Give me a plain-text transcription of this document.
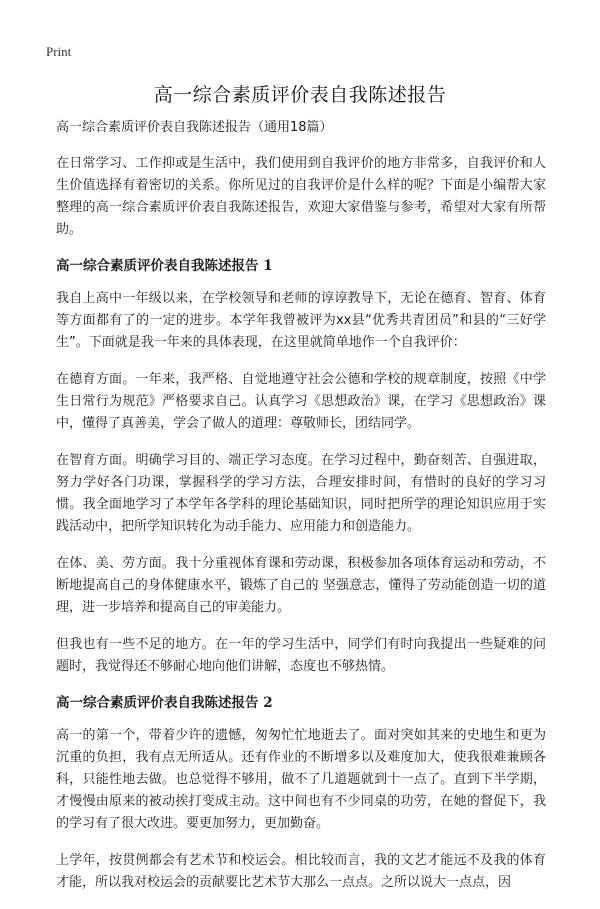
Print
高一综合素质评价表自我陈述报告

高一综合素质评价表自我陈述报告（通用18篇）

在日常学习、工作抑或是生活中，我们使用到自我评价的地方非常多，自我评价和人生价值选择有着密切的关系。你所见过的自我评价是什么样的呢？下面是小编帮大家整理的高一综合素质评价表自我陈述报告，欢迎大家借鉴与参考，希望对大家有所帮助。

高一综合素质评价表自我陈述报告 1

我自上高中一年级以来，在学校领导和老师的谆谆教导下，无论在德育、智育、体育等方面都有了的一定的进步。本学年我曾被评为xx县“优秀共青团员”和县的“三好学生”。下面就是我一年来的具体表现，在这里就简单地作一个自我评价：

在德育方面。一年来，我严格、自觉地遵守社会公德和学校的规章制度，按照《中学生日常行为规范》严格要求自己。认真学习《思想政治》课，在学习《思想政治》课中，懂得了真善美，学会了做人的道理：尊敬师长，团结同学。

在智育方面。明确学习目的、端正学习态度。在学习过程中，勤奋刻苦、自强进取，努力学好各门功课，掌握科学的学习方法，合理安排时间，有惜时的良好的学习习惯。我全面地学习了本学年各学科的理论基础知识，同时把所学的理论知识应用于实践活动中，把所学知识转化为动手能力、应用能力和创造能力。

在体、美、劳方面。我十分重视体育课和劳动课，积极参加各项体育运动和劳动，不断地提高自己的身体健康水平，锻炼了自己的 坚强意志，懂得了劳动能创造一切的道理，进一步培养和提高自己的审美能力。

但我也有一些不足的地方。在一年的学习生活中，同学们有时向我提出一些疑难的问题时，我觉得还不够耐心地向他们讲解，态度也不够热情。

高一综合素质评价表自我陈述报告 2

高一的第一个，带着少许的遗憾，匆匆忙忙地逝去了。面对突如其来的史地生和更为沉重的负担，我有点无所适从。还有作业的不断增多以及难度加大，使我很难兼顾各科，只能性地去做。也总觉得不够用，做不了几道题就到十一点了。直到下半学期，才慢慢由原来的被动挨打变成主动。这中间也有不少同桌的功劳，在她的督促下，我的学习有了很大改进。要更加努力，更加勤奋。

上学年，按贯例都会有艺术节和校运会。相比较而言，我的文艺才能远不及我的体育才能，所以我对校运会的贡献要比艺术节大那么一点点。之所以说大一点点，因
